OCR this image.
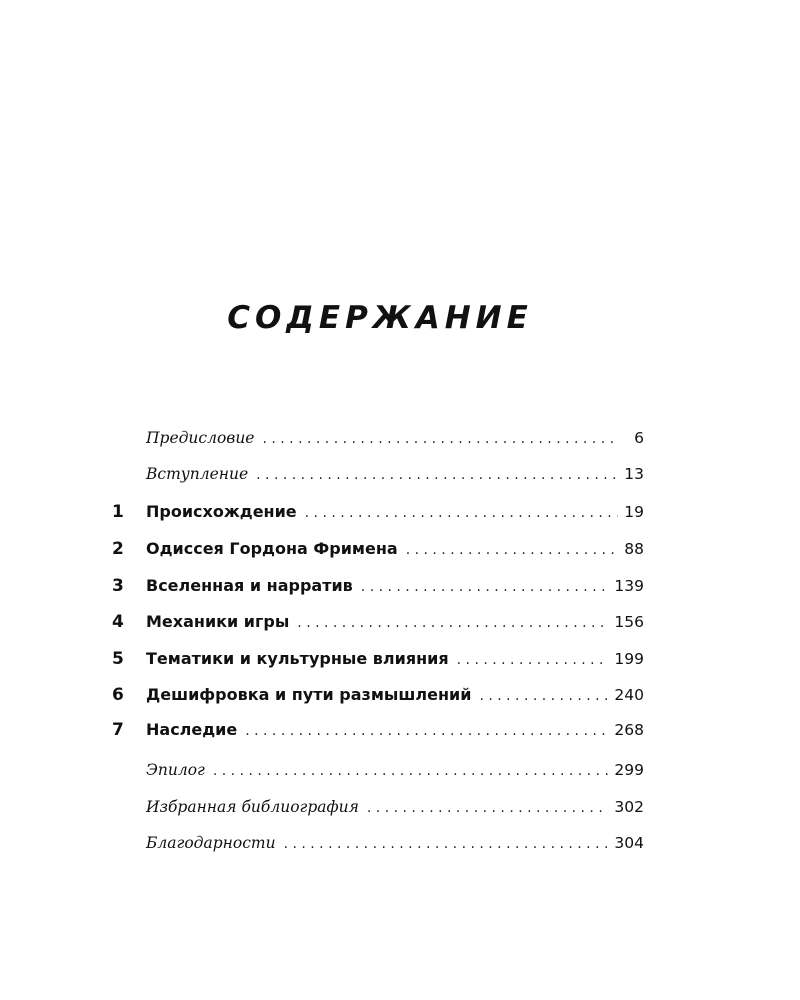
СОДЕРЖАНИЕ
Предисловие . . .	6
Вступление . . .	13
1 Происхождение . . .	19
2 Одиссея Гордона Фримена . . .	88
3 Вселенная и нарратив . . .	139
4 Механики игры . . .	156
5 Тематики и культурные влияния . . .	199
6 Дешифровка и пути размышлений . . .	240
7 Наследие . . .	268
Эпилог . . .	299
Избранная библиография . . .	302
Благодарности . . .	304
